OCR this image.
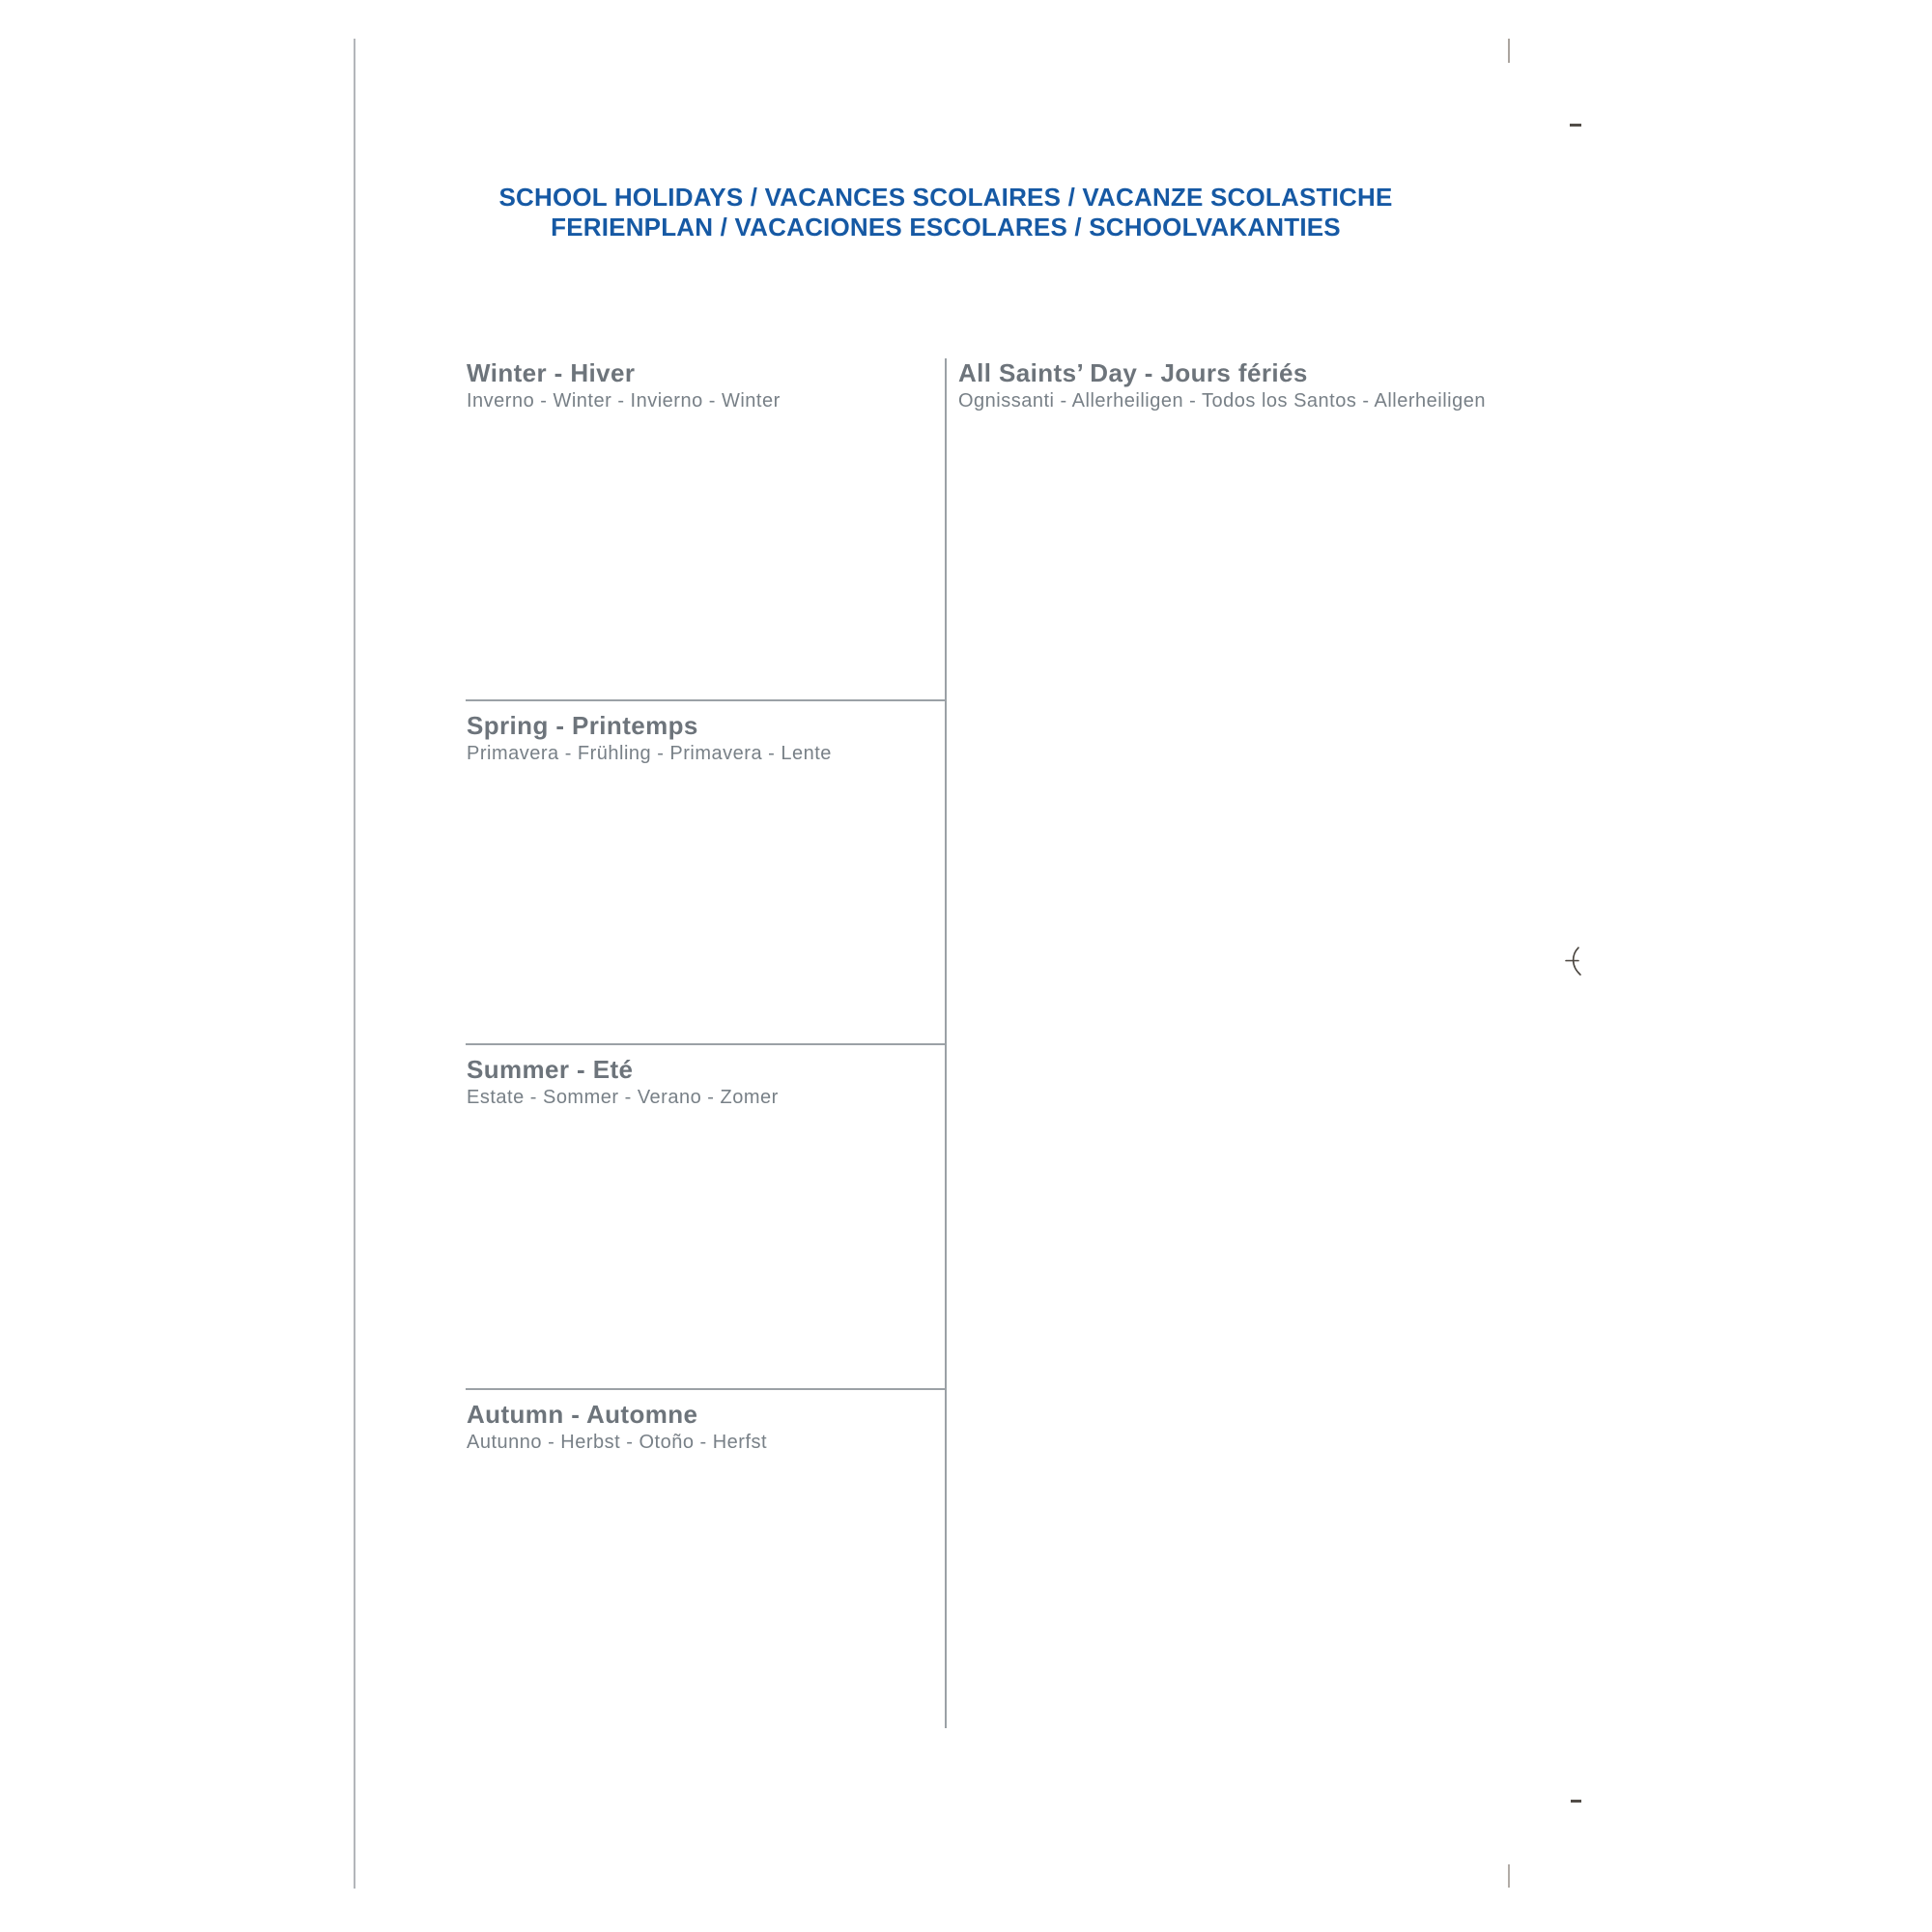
SCHOOL HOLIDAYS / VACANCES SCOLAIRES / VACANZE SCOLASTICHE
FERIENPLAN / VACACIONES ESCOLARES / SCHOOLVAKANTIES
Winter - Hiver

Inverno - Winter - Invierno - Winter

Spring - Printemps

Primavera - Frühling - Primavera - Lente

Summer - Eté

Estate - Sommer - Verano - Zomer

Autumn - Automne

Autunno - Herbst - Otoño - Herfst

All Saints’ Day - Jours fériés

Ognissanti - Allerheiligen - Todos los Santos - Allerheiligen
